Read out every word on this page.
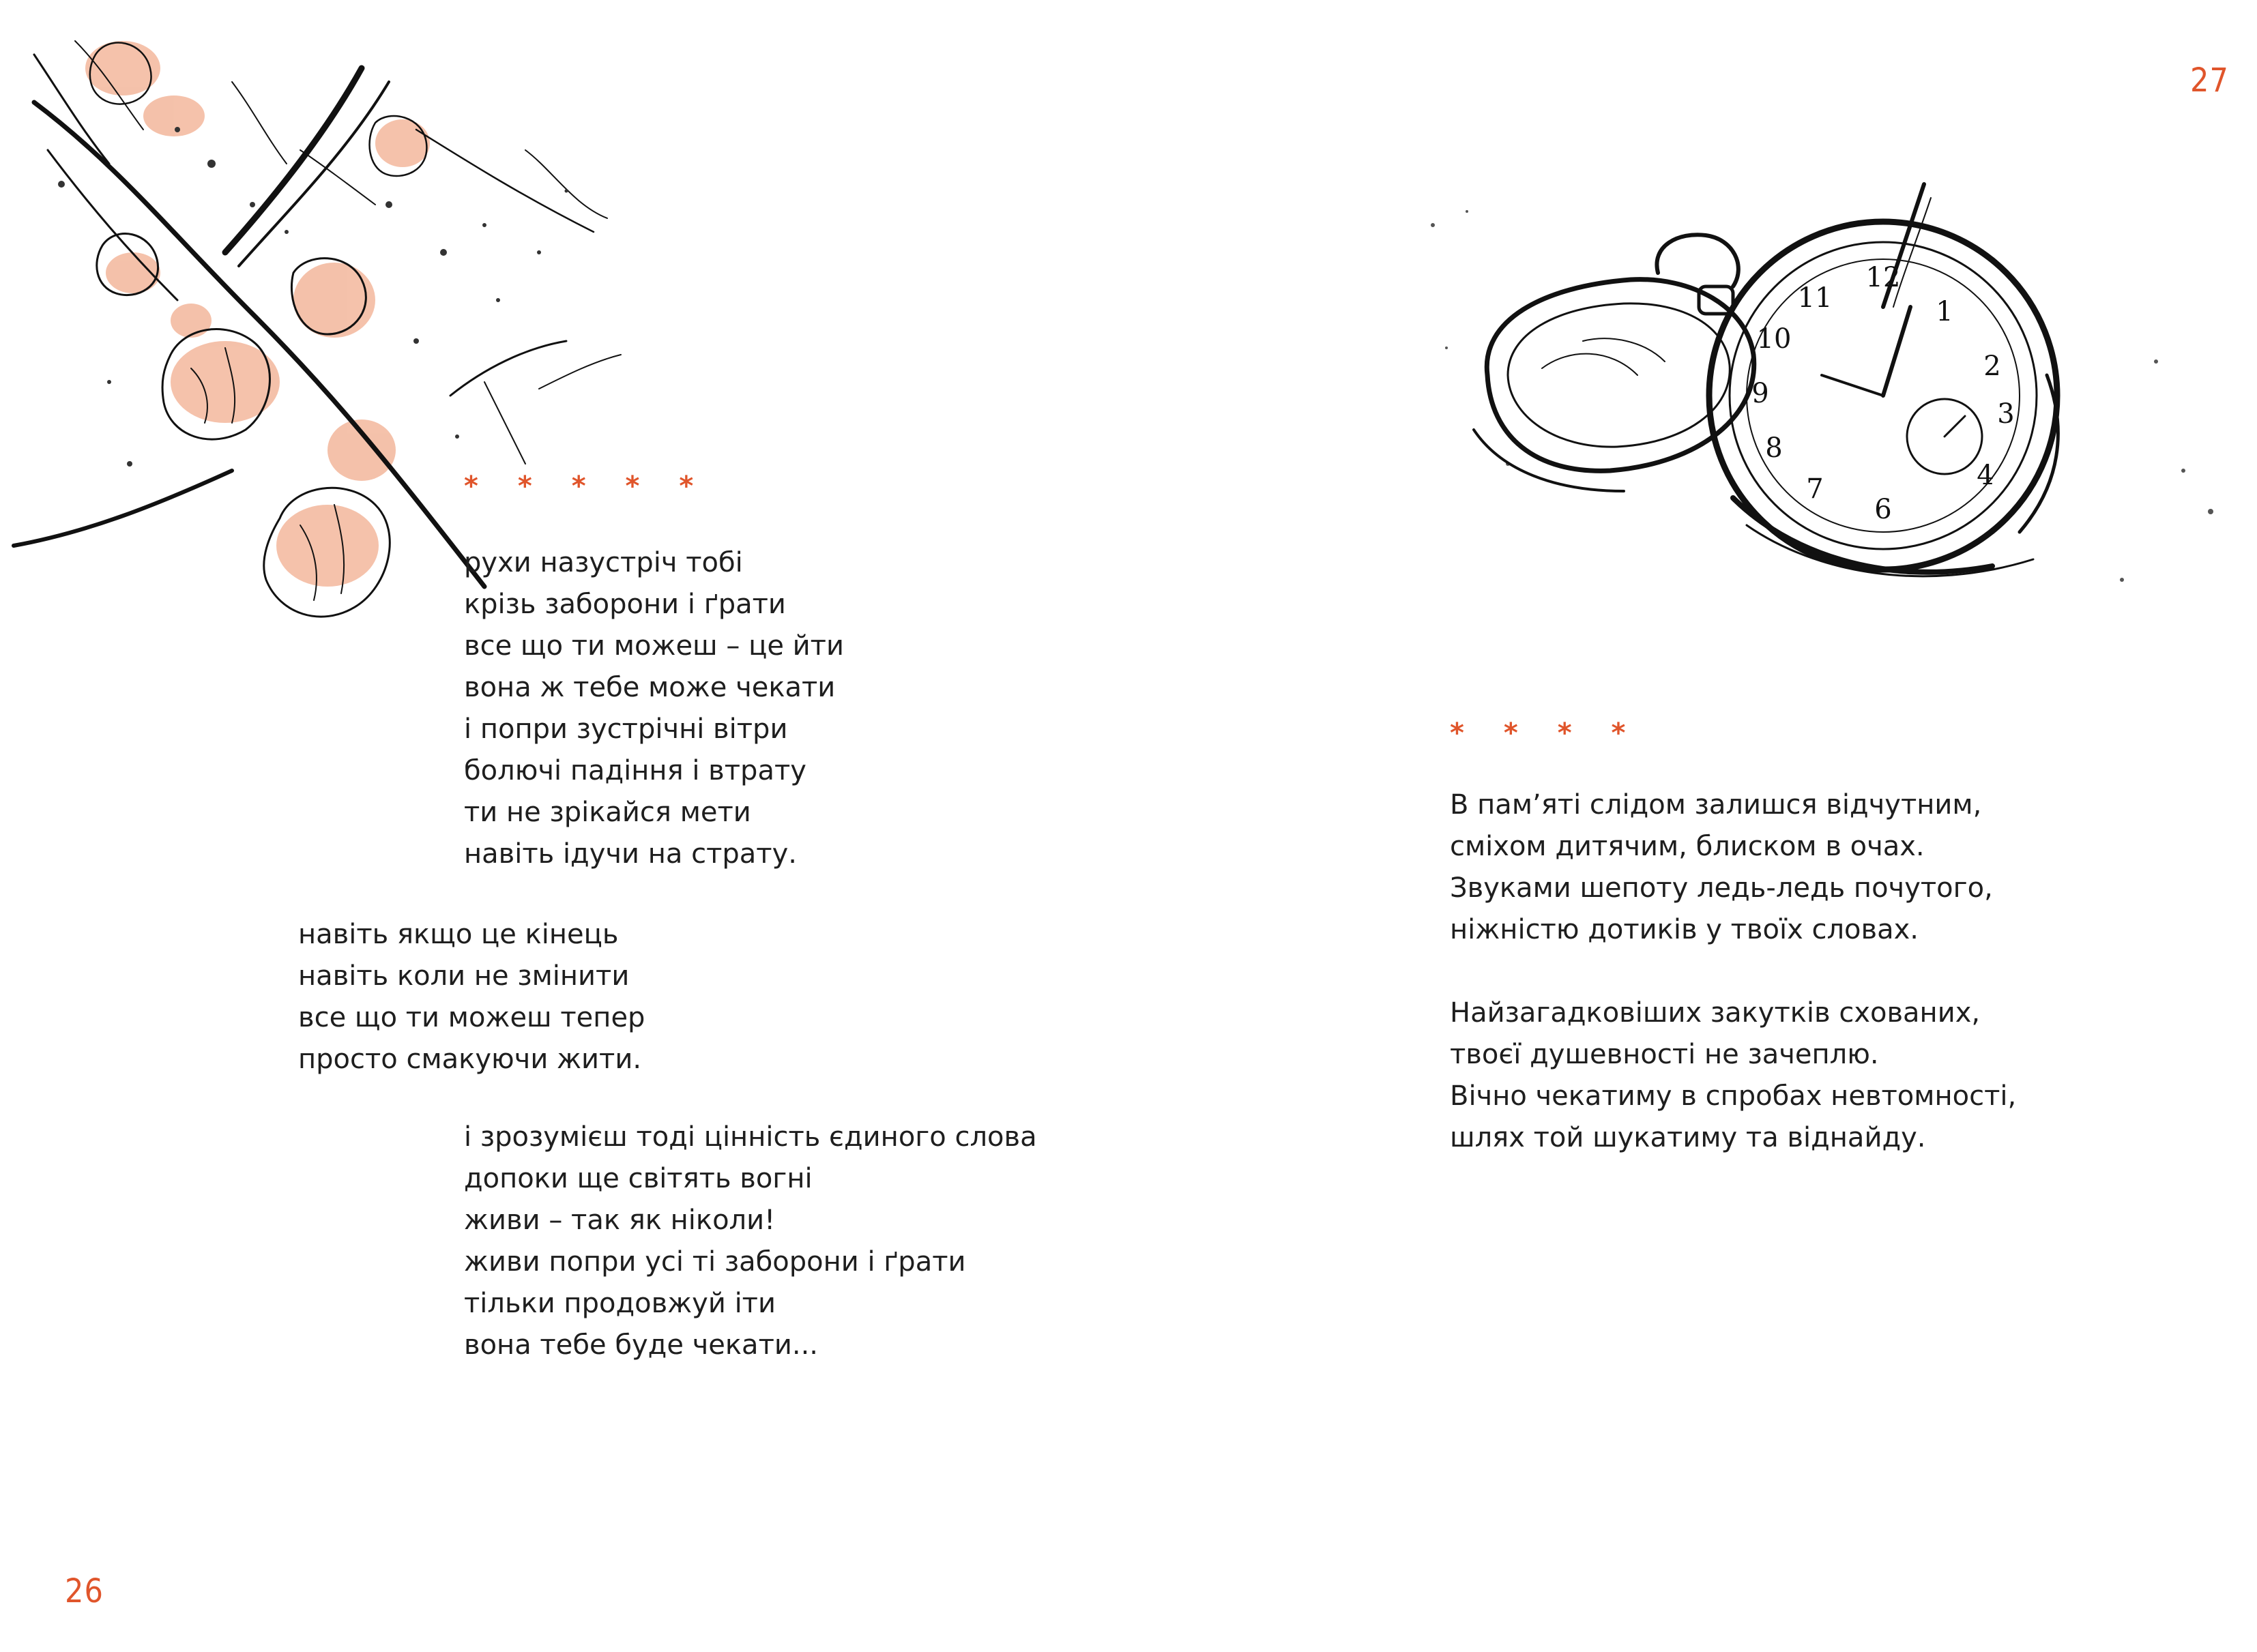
12
1
2
3
4
6
7
8
9
10
11
* * * * *
рухи назустріч тобі
крізь заборони і ґрати
все що ти можеш – це йти
вона ж тебе може чекати
і попри зустрічні вітри
болючі падіння і втрату
ти не зрікайся мети
навіть ідучи на страту.
навіть якщо це кінець
навіть коли не змінити
все що ти можеш тепер
просто смакуючи жити.
і зрозумієш тоді цінність єдиного слова
допоки ще світять вогні
живи – так як ніколи!
живи попри усі ті заборони і ґрати
тільки продовжуй іти
вона тебе буде чекати...
26
27
* * * *
В пам’яті слідом залишся відчутним,
сміхом дитячим, блиском в очах.
Звуками шепоту ледь-ледь почутого,
ніжністю дотиків у твоїх словах.
Найзагадковіших закутків схованих,
твоєї душевності не зачеплю.
Вічно чекатиму в спробах невтомності,
шлях той шукатиму та віднайду.
